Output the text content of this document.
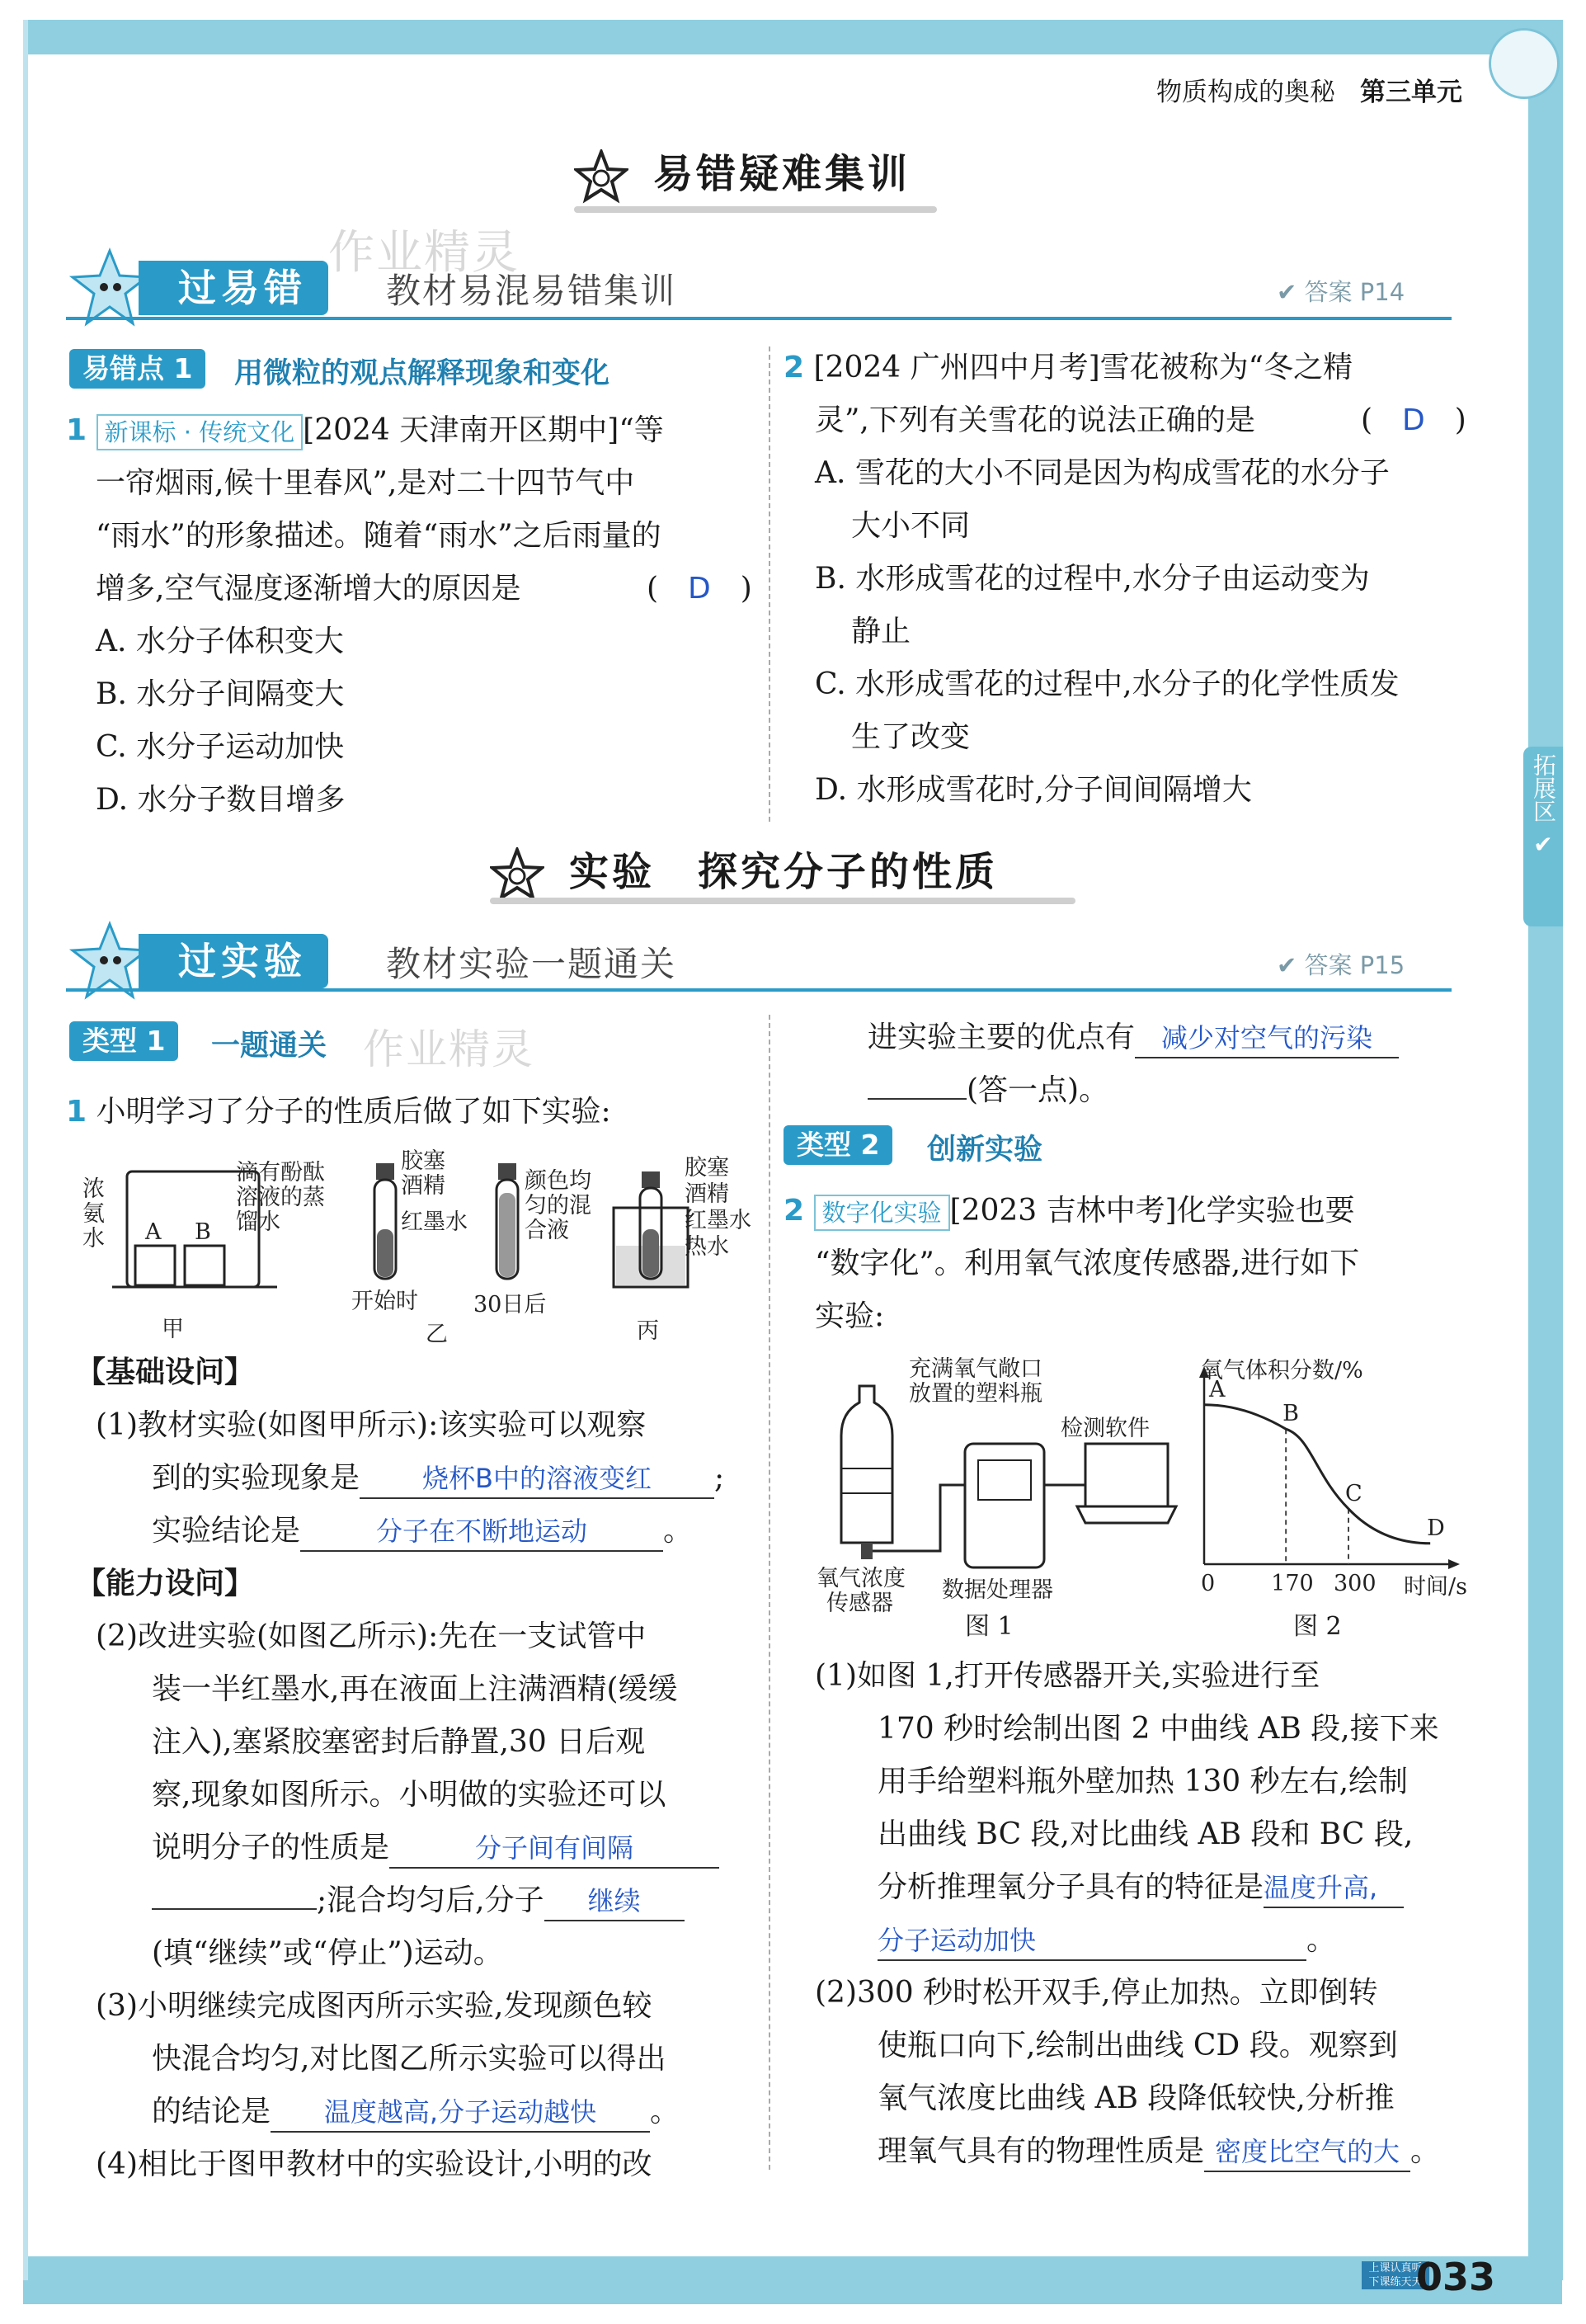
物质构成的奥秘 第三单元
拓展区
✔
易错疑难集训
作业精灵
过易错	教材易混易错集训	✔ 答案 P14
易错点 1	用微粒的观点解释现象和变化
1 新课标 · 传统文化 [2024 天津南开区期中]“等
一帘烟雨,候十里春风”,是对二十四节气中
“雨水”的形象描述。随着“雨水”之后雨量的
增多,空气湿度逐渐增大的原因是	(　D　)
A. 水分子体积变大
B. 水分子间隔变大
C. 水分子运动加快
D. 水分子数目增多
2 [2024 广州四中月考]雪花被称为“冬之精
灵”,下列有关雪花的说法正确的是	(　D　)
A. 雪花的大小不同是因为构成雪花的水分子
大小不同
B. 水形成雪花的过程中,水分子由运动变为
静止
C. 水形成雪花的过程中,水分子的化学性质发
生了改变
D. 水形成雪花时,分子间间隔增大
实验　探究分子的性质
过实验	教材实验一题通关	✔ 答案 P15
类型 1	一题通关 作业精灵
1 小明学习了分子的性质后做了如下实验:
A B
浓
氨
水
滴有酚酞
溶液的蒸
馏水
甲
胶塞
酒精
红墨水
颜色均
匀的混
合液
开始时 30日后
乙
胶塞
酒精
红墨水
热水
丙
【基础设问】
(1)教材实验(如图甲所示):该实验可以观察
到的实验现象是 烧杯B中的溶液变红 ;
实验结论是	分子在不断地运动	。
【能力设问】
(2)改进实验(如图乙所示):先在一支试管中
装一半红墨水,再在液面上注满酒精(缓缓
注入),塞紧胶塞密封后静置,30 日后观
察,现象如图所示。小明做的实验还可以
说明分子的性质是	分子间有间隔
;混合均匀后,分子 继续
(填“继续”或“停止”)运动。
(3)小明继续完成图丙所示实验,发现颜色较
快混合均匀,对比图乙所示实验可以得出
的结论是 温度越高,分子运动越快 。
(4)相比于图甲教材中的实验设计,小明的改
进实验主要的优点有 减少对空气的污染
(答一点)。
类型 2	创新实验
2 数字化实验 [2023 吉林中考]化学实验也要
“数字化”。利用氧气浓度传感器,进行如下
实验:
充满氧气敞口
放置的塑料瓶
检测软件
氧气浓度
传感器
数据处理器
图 1
氧气体积分数/%
时间/s
0	170 300
A
B
C
D
图 2
(1)如图 1,打开传感器开关,实验进行至
170 秒时绘制出图 2 中曲线 AB 段,接下来
用手给塑料瓶外壁加热 130 秒左右,绘制
出曲线 BC 段,对比曲线 AB 段和 BC 段,
分析推理氧分子具有的特征是温度升高,
分子运动加快	。
(2)300 秒时松开双手,停止加热。立即倒转
使瓶口向下,绘制出曲线 CD 段。观察到
氧气浓度比曲线 AB 段降低较快,分析推
理氧气具有的物理性质是 密度比空气的大 。
上课认真听 下课练天天
033
